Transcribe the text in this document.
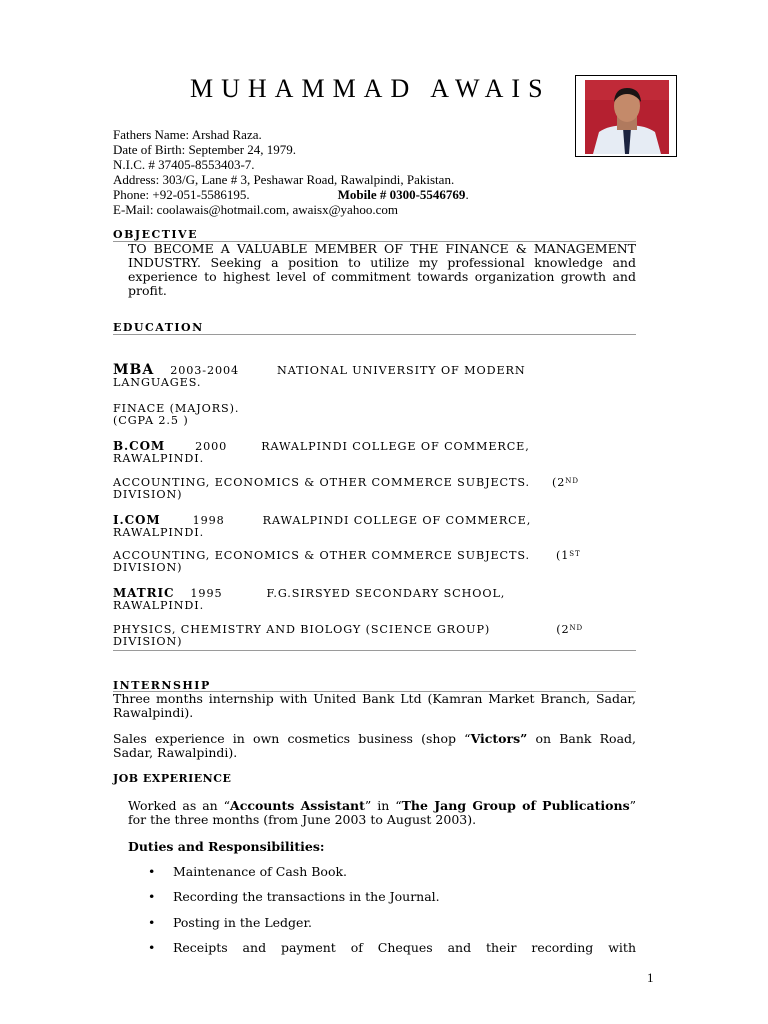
MUHAMMAD AWAIS
Fathers Name: Arshad Raza.
Date of Birth: September 24, 1979.
N.I.C. # 37405-8553403-7.
Address: 303/G, Lane # 3, Peshawar Road, Rawalpindi, Pakistan.
Phone: +92-051-5586195.	Mobile # 0300-5546769.
E-Mail: coolawais@hotmail.com, awaisx@yahoo.com
OBJECTIVE
TO BECOME A VALUABLE MEMBER OF THE FINANCE & MANAGEMENT INDUSTRY. Seeking a position to utilize my professional knowledge and experience to highest level of commitment towards organization growth and profit.
EDUCATION
MBA 2003-2004	NATIONAL UNIVERSITY OF MODERN
LANGUAGES.
FINACE (MAJORS).
(CGPA 2.5 )
B.COM	2000	RAWALPINDI COLLEGE OF COMMERCE,
RAWALPINDI.
ACCOUNTING, ECONOMICS & OTHER COMMERCE SUBJECTS. (2ND
DIVISION)
I.COM	1998	RAWALPINDI COLLEGE OF COMMERCE,
RAWALPINDI.
ACCOUNTING, ECONOMICS & OTHER COMMERCE SUBJECTS. (1ST
DIVISION)
MATRIC 1995	F.G.SIRSYED SECONDARY SCHOOL,
RAWALPINDI.
PHYSICS, CHEMISTRY AND BIOLOGY (SCIENCE GROUP)	(2ND
DIVISION)
INTERNSHIP
Three months internship with United Bank Ltd (Kamran Market Branch, Sadar, Rawalpindi).
Sales experience in own cosmetics business (shop “Victors” on Bank Road, Sadar, Rawalpindi).
JOB EXPERIENCE
Worked as an “Accounts Assistant” in “The Jang Group of Publications” for the three months (from June 2003 to August 2003).
Duties and Responsibilities:
• Maintenance of Cash Book.
• Recording the transactions in the Journal.
• Posting in the Ledger.
• Receipts and payment of Cheques and their recording with
1
